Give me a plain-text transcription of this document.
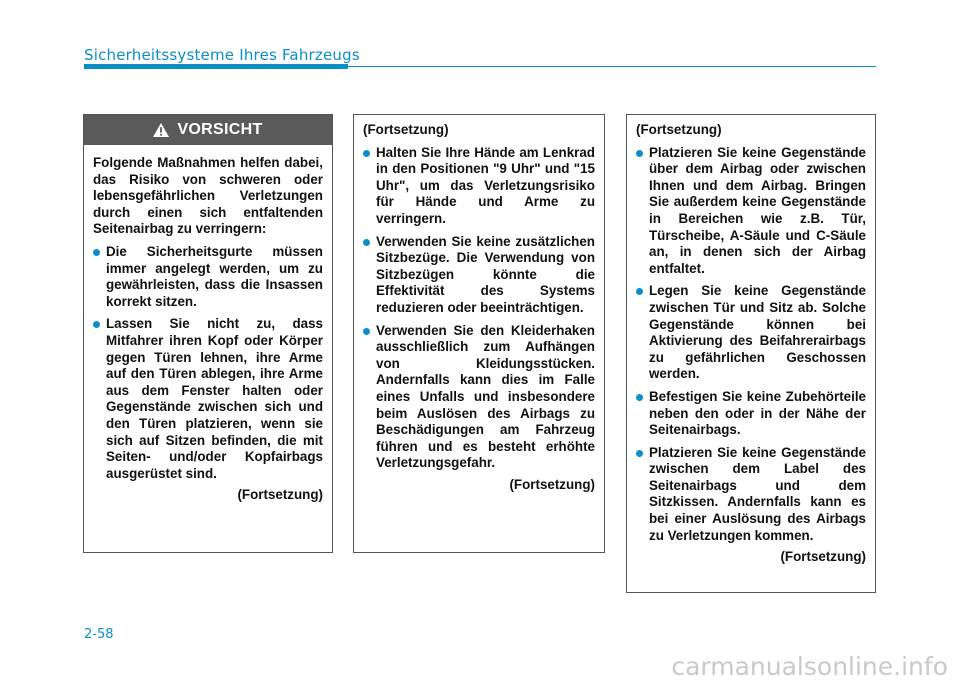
Sicherheitssysteme Ihres Fahrzeugs
VORSICHT

Folgende Maßnahmen helfen dabei, das Risiko von schweren oder lebensgefährlichen Verletzungen durch einen sich entfaltenden Seitenairbag zu verringern:

Die Sicherheitsgurte müssen immer angelegt werden, um zu gewährleisten, dass die Insassen korrekt sitzen.
Lassen Sie nicht zu, dass Mitfahrer ihren Kopf oder Körper gegen Türen lehnen, ihre Arme auf den Türen ablegen, ihre Arme aus dem Fenster halten oder Gegenstände zwischen sich und den Türen platzieren, wenn sie sich auf Sitzen befinden, die mit Seiten- und/oder Kopfairbags ausgerüstet sind.

(Fortsetzung)

(Fortsetzung)

Halten Sie Ihre Hände am Lenkrad in den Positionen "9 Uhr" und "15 Uhr", um das Verletzungsrisiko für Hände und Arme zu verringern.
Verwenden Sie keine zusätzlichen Sitzbezüge. Die Verwendung von Sitzbezügen könnte die Effektivität des Systems reduzieren oder beeinträchtigen.
Verwenden Sie den Kleiderhaken ausschließlich zum Aufhängen von Kleidungsstücken. Andernfalls kann dies im Falle eines Unfalls und insbesondere beim Auslösen des Airbags zu Beschädigungen am Fahrzeug führen und es besteht erhöhte Verletzungsgefahr.

(Fortsetzung)

(Fortsetzung)

Platzieren Sie keine Gegenstände über dem Airbag oder zwischen Ihnen und dem Airbag. Bringen Sie außerdem keine Gegenstände in Bereichen wie z.B. Tür, Türscheibe, A-Säule und C-Säule an, in denen sich der Airbag entfaltet.
Legen Sie keine Gegenstände zwischen Tür und Sitz ab. Solche Gegenstände können bei Aktivierung des Beifahrerairbags zu gefährlichen Geschossen werden.
Befestigen Sie keine Zubehörteile neben den oder in der Nähe der Seitenairbags.
Platzieren Sie keine Gegenstände zwischen dem Label des Seitenairbags und dem Sitzkissen. Andernfalls kann es bei einer Auslösung des Airbags zu Verletzungen kommen.

(Fortsetzung)

2-58
carmanualsonline.info
